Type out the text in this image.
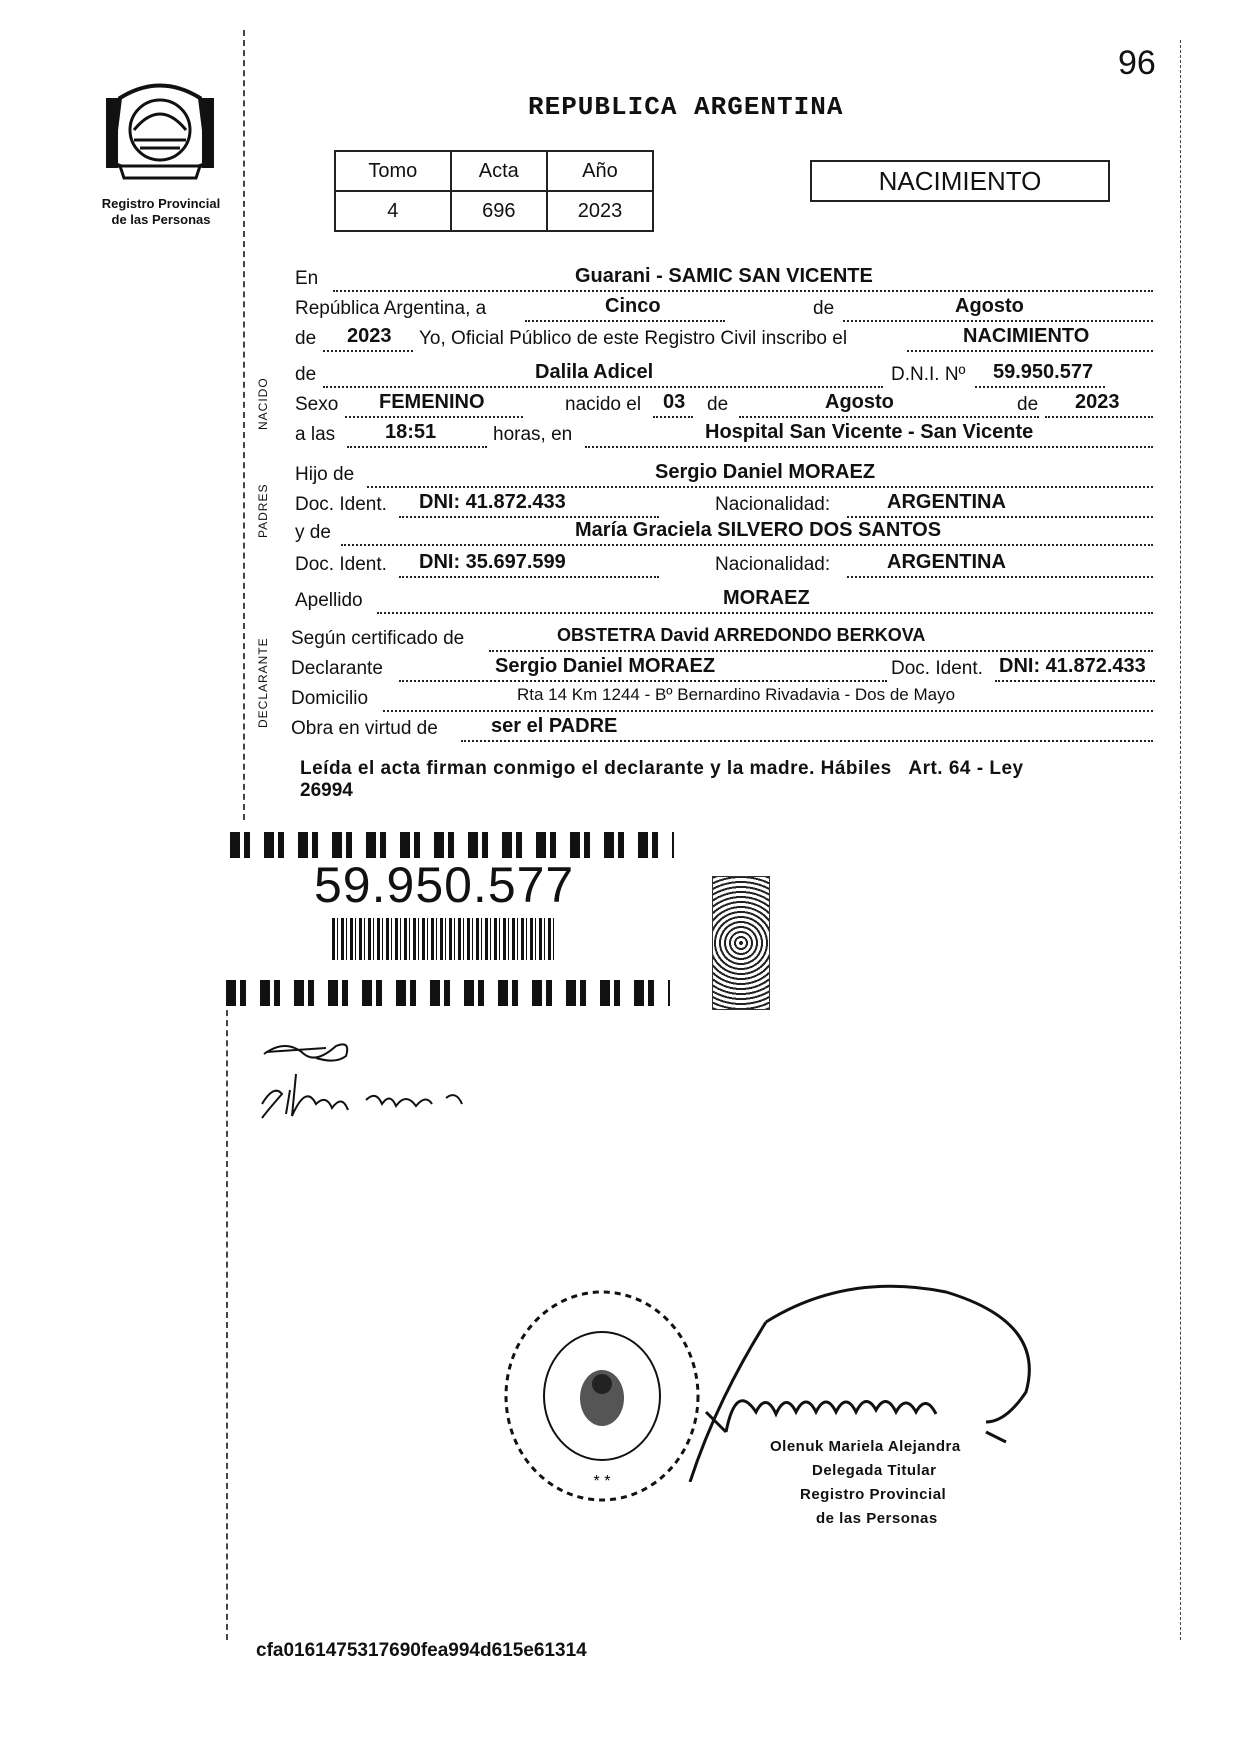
96
Registro Provincial
de las Personas
REPUBLICA ARGENTINA
Tomo	Acta	Año
4	696	2023
NACIMIENTO
NACIDO
PADRES
DECLARANTE
En	Guarani - SAMIC SAN VICENTE
República Argentina, a	Cinco	de	Agosto
de 2023 Yo, Oficial Público de este Registro Civil inscribo el	NACIMIENTO
de	Dalila Adicel	D.N.I. Nº 59.950.577
Sexo FEMENINO	nacido el 03 de	Agosto	de 2023
a las 18:51	horas, en	Hospital San Vicente - San Vicente
Hijo de	Sergio Daniel MORAEZ
Doc. Ident. DNI: 41.872.433	Nacionalidad:	ARGENTINA
y de	María Graciela SILVERO DOS SANTOS
Doc. Ident. DNI: 35.697.599	Nacionalidad:	ARGENTINA
Apellido	MORAEZ
Según certificado de	OBSTETRA David ARREDONDO BERKOVA
Declarante	Sergio Daniel MORAEZ	Doc. Ident. DNI: 41.872.433
Domicilio	Rta 14 Km 1244 - Bº Bernardino Rivadavia - Dos de Mayo
Obra en virtud de	ser el PADRE
Leída el acta firman conmigo el declarante y la madre. Hábiles   Art. 64 - Ley
26994
59.950.577
* *
Olenuk Mariela Alejandra
Delegada Titular
Registro Provincial
de las Personas
cfa0161475317690fea994d615e61314
